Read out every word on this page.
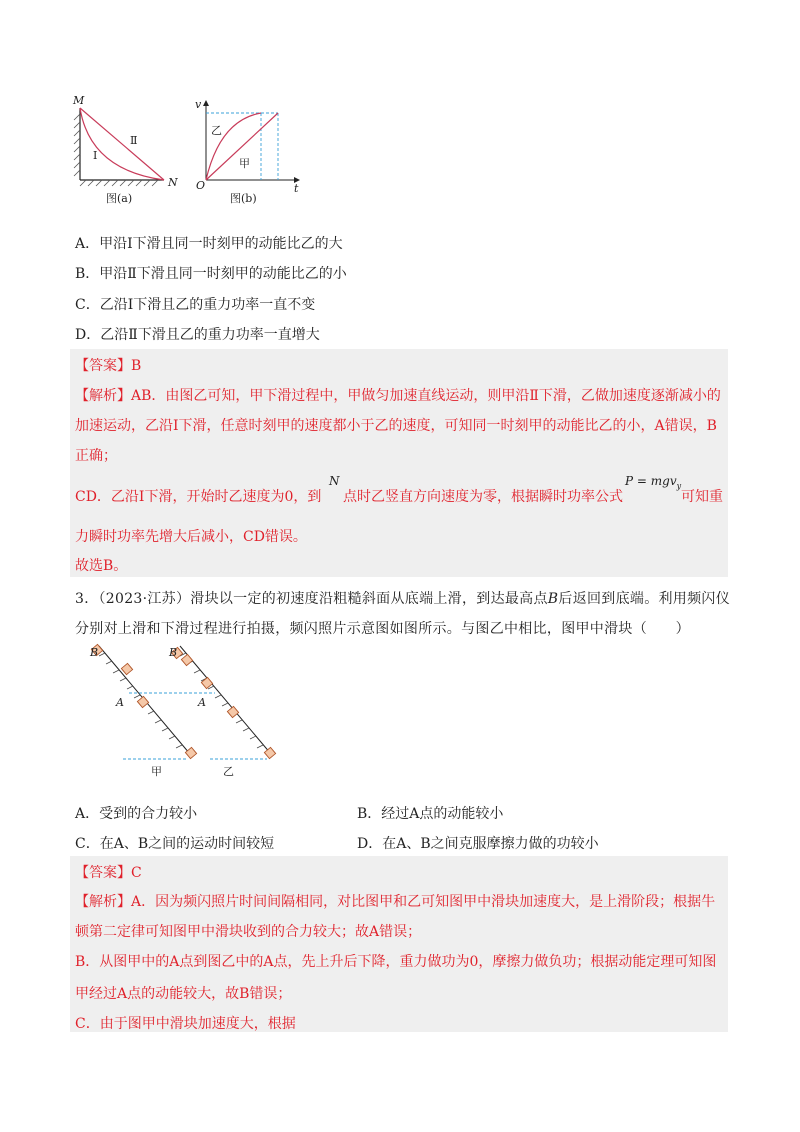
M
Ⅰ
Ⅱ
N
图(a)
v
t
O
乙
甲
图(b)
A．甲沿Ⅰ下滑且同一时刻甲的动能比乙的大
B．甲沿Ⅱ下滑且同一时刻甲的动能比乙的小
C．乙沿Ⅰ下滑且乙的重力功率一直不变
D．乙沿Ⅱ下滑且乙的重力功率一直增大
【答案】B
【解析】AB．由图乙可知，甲下滑过程中，甲做匀加速直线运动，则甲沿Ⅱ下滑，乙做加速度逐渐减小的
加速运动，乙沿Ⅰ下滑，任意时刻甲的速度都小于乙的速度，可知同一时刻甲的动能比乙的小，A错误，B
正确；
CD．乙沿Ⅰ下滑，开始时乙速度为0，到
N
点时乙竖直方向速度为零，根据瞬时功率公式
P = mgv$_y$
可知重
力瞬时功率先增大后减小，CD错误。
故选B。
3．（2023·江苏）滑块以一定的初速度沿粗糙斜面从底端上滑，到达最高点B后返回到底端。利用频闪仪
分别对上滑和下滑过程进行拍摄，频闪照片示意图如图所示。与图乙中相比，图甲中滑块（　　）
B	B
A	A
甲	乙
A．受到的合力较小	B．经过A点的动能较小
C．在A、B之间的运动时间较短	D．在A、B之间克服摩擦力做的功较小
【答案】C
【解析】A．因为频闪照片时间间隔相同，对比图甲和乙可知图甲中滑块加速度大，是上滑阶段；根据牛
顿第二定律可知图甲中滑块收到的合力较大；故A错误；
B．从图甲中的A点到图乙中的A点，先上升后下降，重力做功为0，摩擦力做负功；根据动能定理可知图
甲经过A点的动能较大，故B错误；
C．由于图甲中滑块加速度大，根据
